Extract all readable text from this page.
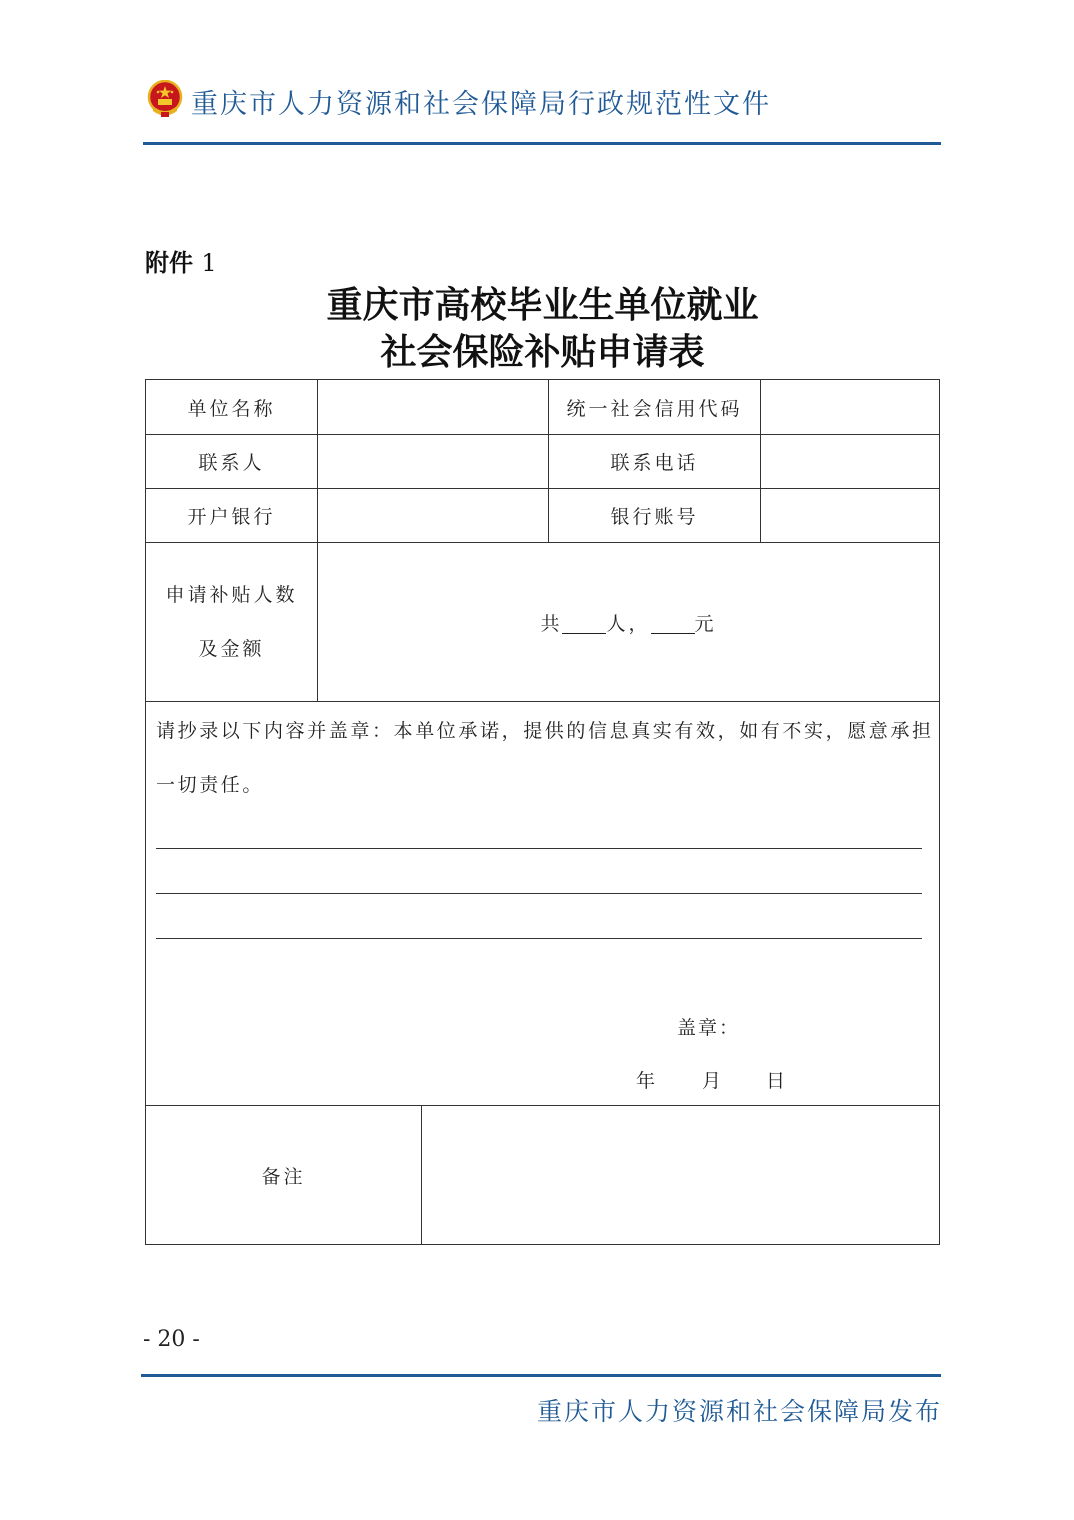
重庆市人力资源和社会保障局行政规范性文件
附件 1
重庆市高校毕业生单位就业
社会保险补贴申请表
单位名称	统一社会信用代码
联系人	联系电话
开户银行	银行账号
申请补贴人数
及金额
共 人， 元
请抄录以下内容并盖章：本单位承诺，提供的信息真实有效，如有不实，愿意承担一切责任。
盖章：
年 月 日
备注
- 20 -
重庆市人力资源和社会保障局发布
